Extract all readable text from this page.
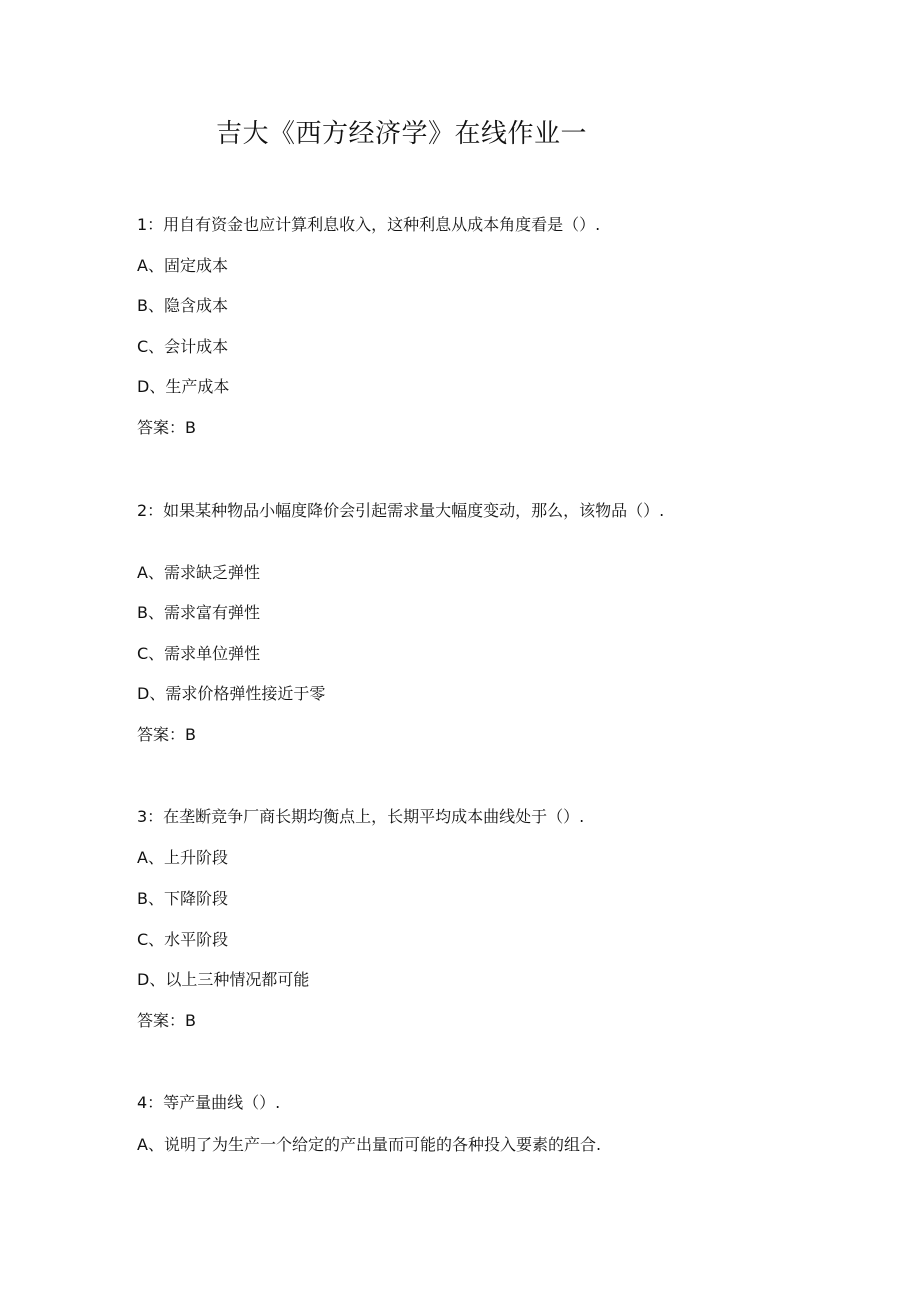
吉大《西方经济学》在线作业一
1：用自有资金也应计算利息收入，这种利息从成本角度看是（）.
A、固定成本
B、隐含成本
C、会计成本
D、生产成本
答案：B
2：如果某种物品小幅度降价会引起需求量大幅度变动，那么，该物品（）.
A、需求缺乏弹性
B、需求富有弹性
C、需求单位弹性
D、需求价格弹性接近于零
答案：B
3：在垄断竞争厂商长期均衡点上，长期平均成本曲线处于（）.
A、上升阶段
B、下降阶段
C、水平阶段
D、以上三种情况都可能
答案：B
4：等产量曲线（）.
A、说明了为生产一个给定的产出量而可能的各种投入要素的组合.
